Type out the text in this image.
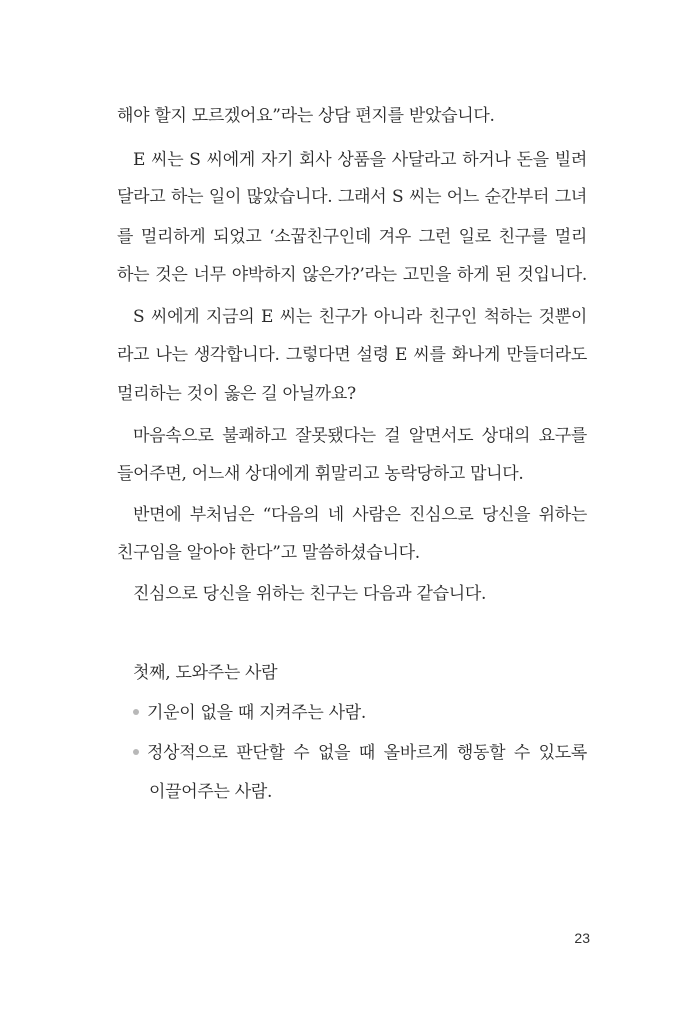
해야 할지 모르겠어요”라는 상담 편지를 받았습니다.
E 씨는 S 씨에게 자기 회사 상품을 사달라고 하거나 돈을 빌려
달라고 하는 일이 많았습니다. 그래서 S 씨는 어느 순간부터 그녀
를 멀리하게 되었고 ‘소꿉친구인데 겨우 그런 일로 친구를 멀리
하는 것은 너무 야박하지 않은가?’라는 고민을 하게 된 것입니다.
S 씨에게 지금의 E 씨는 친구가 아니라 친구인 척하는 것뿐이
라고 나는 생각합니다. 그렇다면 설령 E 씨를 화나게 만들더라도
멀리하는 것이 옳은 길 아닐까요?
마음속으로 불쾌하고 잘못됐다는 걸 알면서도 상대의 요구를
들어주면, 어느새 상대에게 휘말리고 농락당하고 맙니다.
반면에 부처님은 “다음의 네 사람은 진심으로 당신을 위하는
친구임을 알아야 한다”고 말씀하셨습니다.
진심으로 당신을 위하는 친구는 다음과 같습니다.
첫째, 도와주는 사람
기운이 없을 때 지켜주는 사람.
정상적으로 판단할 수 없을 때 올바르게 행동할 수 있도록
이끌어주는 사람.
23
